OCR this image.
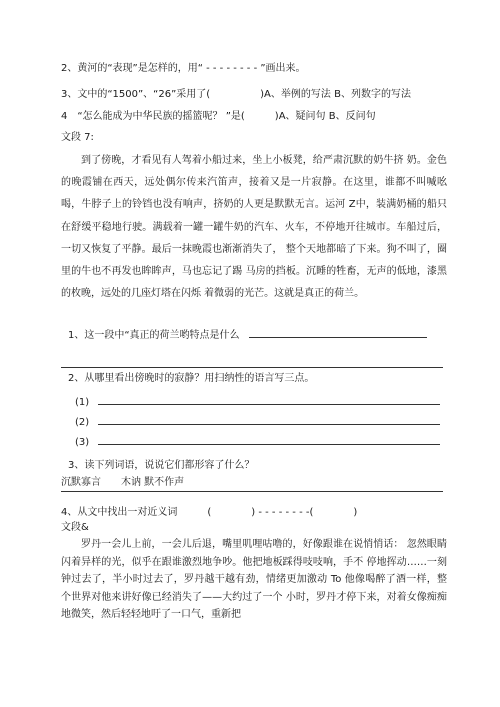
2、黄河的“表现”是怎样的，用“ - - - - - - - - ”画出来。
3、文中的“1500”、“26”采用了(　　　　　)A、举例的写法 B、列数字的写法
4　“怎么能成为中华民族的摇篮呢？ ”是(　　　)A、疑问句 B、反问句
文段 7:

到了傍晚，才看见有人驾着小船过来，坐上小板凳，给严肃沉默的奶牛挤 奶。金色的晚霞铺在西天，远处偶尔传来汽笛声，接着又是一片寂静。在这里，谁都不叫喊吆喝，牛脖子上的铃铛也没有响声，挤奶的人更是默默无言。运河 Z中，装满奶桶的船只在舒缓平稳地行驶。满载着一罐一罐牛奶的汽车、火车，不停地开往城市。车船过后，一切又恢复了平静。最后一抹晚霞也渐渐消失了， 整个天地都暗了下来。狗不叫了，圈里的牛也不再发也眸眸声，马也忘记了踢 马房的挡板。沉睡的牲畜，无声的低地，漆黑的枚晚，远处的几座灯塔在闪烁 着微弱的光芒。这就是真正的荷兰。

1、这一段中“真正的荷兰哟特点是什么
2、从哪里看出傍晚时的寂静？用扫纳性的语言写三点。
(1)
(2)
(3)
3、读下列词语，说说它们都形容了什么？
沉默寡言　　木讷 默不作声
4、从文中找出一对近义词　　　(　　　　) - - - - - - - -(　　　　)
文段&

罗丹一会儿上前，一会儿后退，嘴里叽哩咕噜的，好像跟谁在说悄悄话： 忽然眼睛闪着异样的光，似乎在跟谁激烈地争吵。他把地板踩得吱吱响，手不 停地挥动……一刻钟过去了，半小时过去了，罗丹越干越有劲，情绪更加激动 To 他像喝醉了酒一样，整个世界对他来讲好像已经消失了——大约过了一个 小时，罗丹才停下来，对着女像痴痴地微笑，然后轻轻地吁了一口气，重新把
